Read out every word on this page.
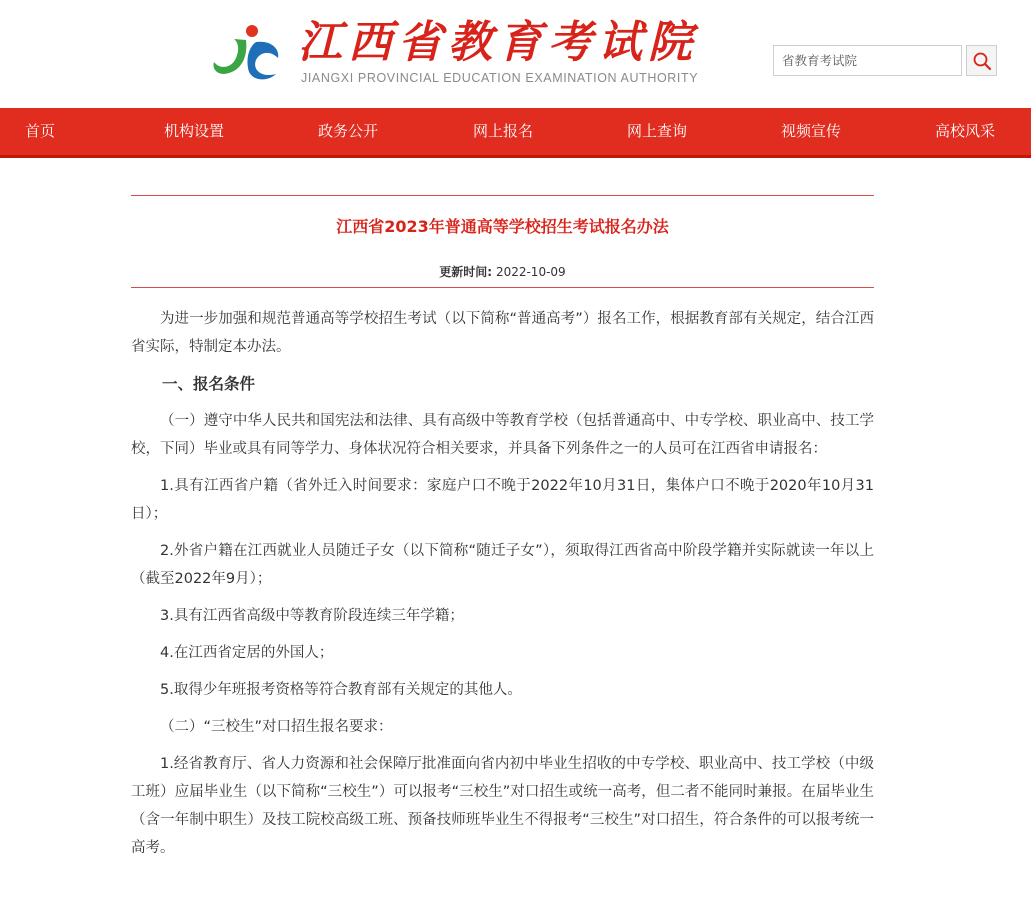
江西省教育考试院
JIANGXI PROVINCIAL EDUCATION EXAMINATION AUTHORITY
省教育考试院
首页	机构设置	政务公开	网上报名	网上查询	视频宣传	高校风采
江西省2023年普通高等学校招生考试报名办法
更新时间: 2022-10-09

为进一步加强和规范普通高等学校招生考试（以下简称“普通高考”）报名工作，根据教育部有关规定，结合江西省实际，特制定本办法。

一、报名条件

（一）遵守中华人民共和国宪法和法律、具有高级中等教育学校（包括普通高中、中专学校、职业高中、技工学校，下同）毕业或具有同等学力、身体状况符合相关要求，并具备下列条件之一的人员可在江西省申请报名：

1.具有江西省户籍（省外迁入时间要求：家庭户口不晚于2022年10月31日，集体户口不晚于2020年10月31日）；

2.外省户籍在江西就业人员随迁子女（以下简称“随迁子女”），须取得江西省高中阶段学籍并实际就读一年以上（截至2022年9月）；

3.具有江西省高级中等教育阶段连续三年学籍；

4.在江西省定居的外国人；

5.取得少年班报考资格等符合教育部有关规定的其他人。

（二）“三校生”对口招生报名要求：

1.经省教育厅、省人力资源和社会保障厅批准面向省内初中毕业生招收的中专学校、职业高中、技工学校（中级工班）应届毕业生（以下简称“三校生”）可以报考“三校生”对口招生或统一高考，但二者不能同时兼报。在届毕业生（含一年制中职生）及技工院校高级工班、预备技师班毕业生不得报考“三校生”对口招生，符合条件的可以报考统一高考。
